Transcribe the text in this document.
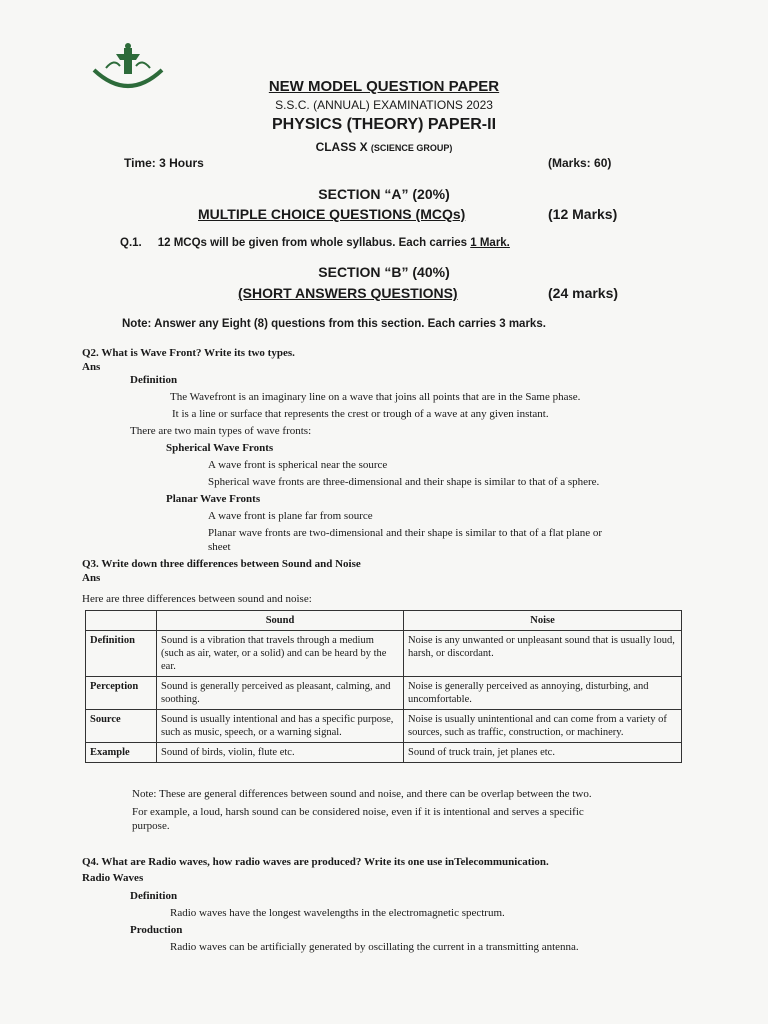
NEW MODEL QUESTION PAPER
S.S.C. (ANNUAL) EXAMINATIONS 2023
PHYSICS (THEORY) PAPER-II
CLASS X (SCIENCE GROUP)
Time: 3 Hours	(Marks: 60)
SECTION “A” (20%)
MULTIPLE CHOICE QUESTIONS (MCQs)	(12 Marks)
Q.1. 12 MCQs will be given from whole syllabus. Each carries 1 Mark.
SECTION “B” (40%)
(SHORT ANSWERS QUESTIONS)	(24 marks)
Note: Answer any Eight (8) questions from this section. Each carries 3 marks.
Q2. What is Wave Front? Write its two types.
Ans
Definition
The Wavefront is an imaginary line on a wave that joins all points that are in the Same phase.
It is a line or surface that represents the crest or trough of a wave at any given instant.
There are two main types of wave fronts:
Spherical Wave Fronts
A wave front is spherical near the source
Spherical wave fronts are three-dimensional and their shape is similar to that of a sphere.
Planar Wave Fronts
A wave front is plane far from source
Planar wave fronts are two-dimensional and their shape is similar to that of a flat plane or
sheet
Q3. Write down three differences between Sound and Noise
Ans
Here are three differences between sound and noise:
	Sound	Noise
Definition	Sound is a vibration that travels through a medium (such as air, water, or a solid) and can be heard by the ear.	Noise is any unwanted or unpleasant sound that is usually loud, harsh, or discordant.
Perception	Sound is generally perceived as pleasant, calming, and soothing.	Noise is generally perceived as annoying, disturbing, and uncomfortable.
Source	Sound is usually intentional and has a specific purpose, such as music, speech, or a warning signal.	Noise is usually unintentional and can come from a variety of sources, such as traffic, construction, or machinery.
Example	Sound of birds, violin, flute etc.	Sound of truck train, jet planes etc.
Note: These are general differences between sound and noise, and there can be overlap between the two.
For example, a loud, harsh sound can be considered noise, even if it is intentional and serves a specific
purpose.
Q4. What are Radio waves, how radio waves are produced? Write its one use inTelecommunication.
Radio Waves
Definition
Radio waves have the longest wavelengths in the electromagnetic spectrum.
Production
Radio waves can be artificially generated by oscillating the current in a transmitting antenna.
